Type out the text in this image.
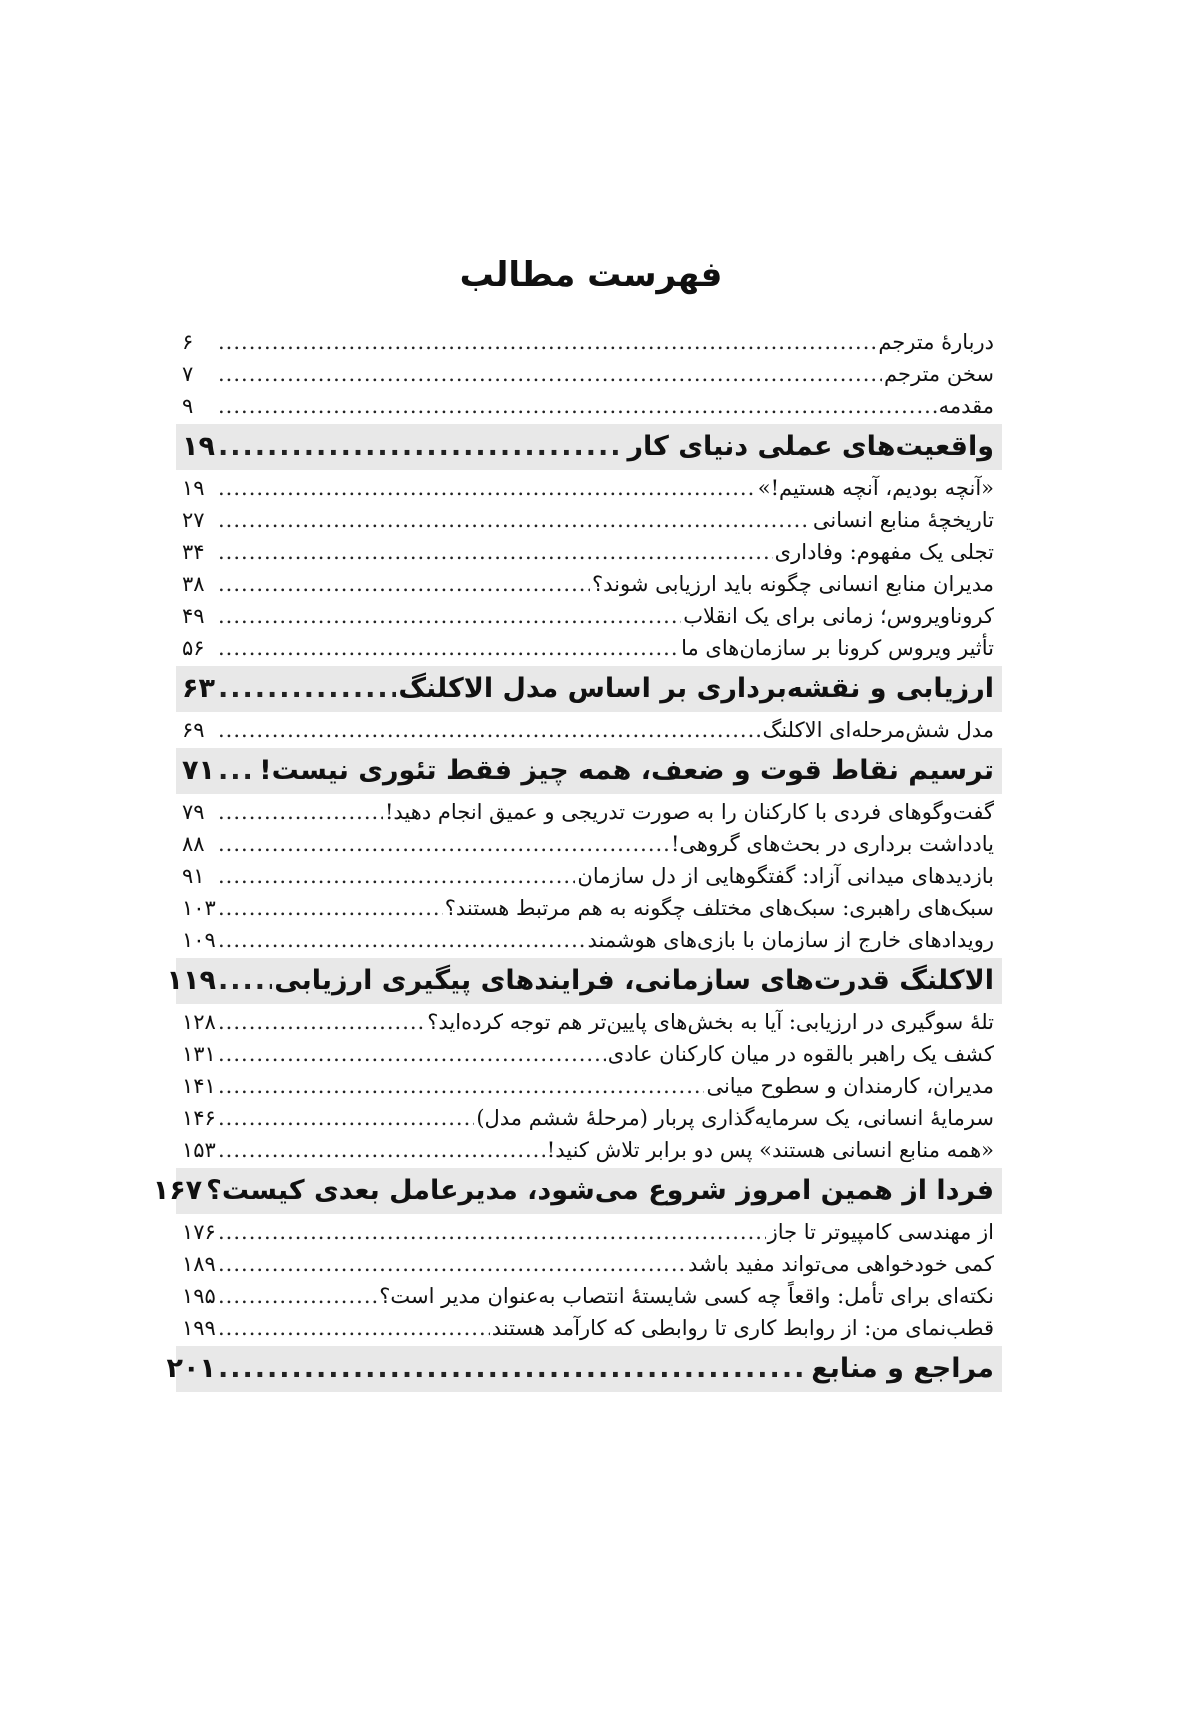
فهرست مطالب
دربارهٔ مترجم
.....
۶
سخن مترجم
.....
۷
مقدمه
.....
۹
واقعیت‌های عملی دنیای کار
.....
۱۹
«آنچه بودیم، آنچه هستیم!»
.....
۱۹
تاریخچهٔ منابع انسانی
.....
۲۷
تجلی یک مفهوم: وفاداری
.....
۳۴
مدیران منابع انسانی چگونه باید ارزیابی شوند؟
.....
۳۸
کروناویروس؛ زمانی برای یک انقلاب
.....
۴۹
تأثیر ویروس کرونا بر سازمان‌های ما
.....
۵۶
ارزیابی و نقشه‌برداری بر اساس مدل الاکلنگ
.....
۶۳
مدل شش‌مرحله‌ای الاکلنگ
.....
۶۹
ترسیم نقاط قوت و ضعف، همه چیز فقط تئوری نیست!
.....
۷۱
گفت‌وگوهای فردی با کارکنان را به صورت تدریجی و عمیق انجام دهید!
.....
۷۹
یادداشت برداری در بحث‌های گروهی!
.....
۸۸
بازدیدهای میدانی آزاد: گفتگوهایی از دل سازمان
.....
۹۱
سبک‌های راهبری: سبک‌های مختلف چگونه به هم مرتبط هستند؟
.....
۱۰۳
رویدادهای خارج از سازمان با بازی‌های هوشمند
.....
۱۰۹
الاکلنگ قدرت‌های سازمانی، فرایندهای پیگیری ارزیابی
.....
۱۱۹
تلهٔ سوگیری در ارزیابی: آیا به بخش‌های پایین‌تر هم توجه کرده‌اید؟
.....
۱۲۸
کشف یک راهبر بالقوه در میان کارکنان عادی
.....
۱۳۱
مدیران، کارمندان و سطوح میانی
.....
۱۴۱
سرمایهٔ انسانی، یک سرمایه‌گذاری پربار (مرحلهٔ ششم مدل)
.....
۱۴۶
«همه منابع انسانی هستند» پس دو برابر تلاش کنید!
.....
۱۵۳
فردا از همین امروز شروع می‌شود، مدیرعامل بعدی کیست؟
۱۶۷
از مهندسی کامپیوتر تا جاز
.....
۱۷۶
کمی خودخواهی می‌تواند مفید باشد
.....
۱۸۹
نکته‌ای برای تأمل: واقعاً چه کسی شایستهٔ انتصاب به‌عنوان مدیر است؟
.....
۱۹۵
قطب‌نمای من: از روابط کاری تا روابطی که کارآمد هستند
.....
۱۹۹
مراجع و منابع
.....
۲۰۱
